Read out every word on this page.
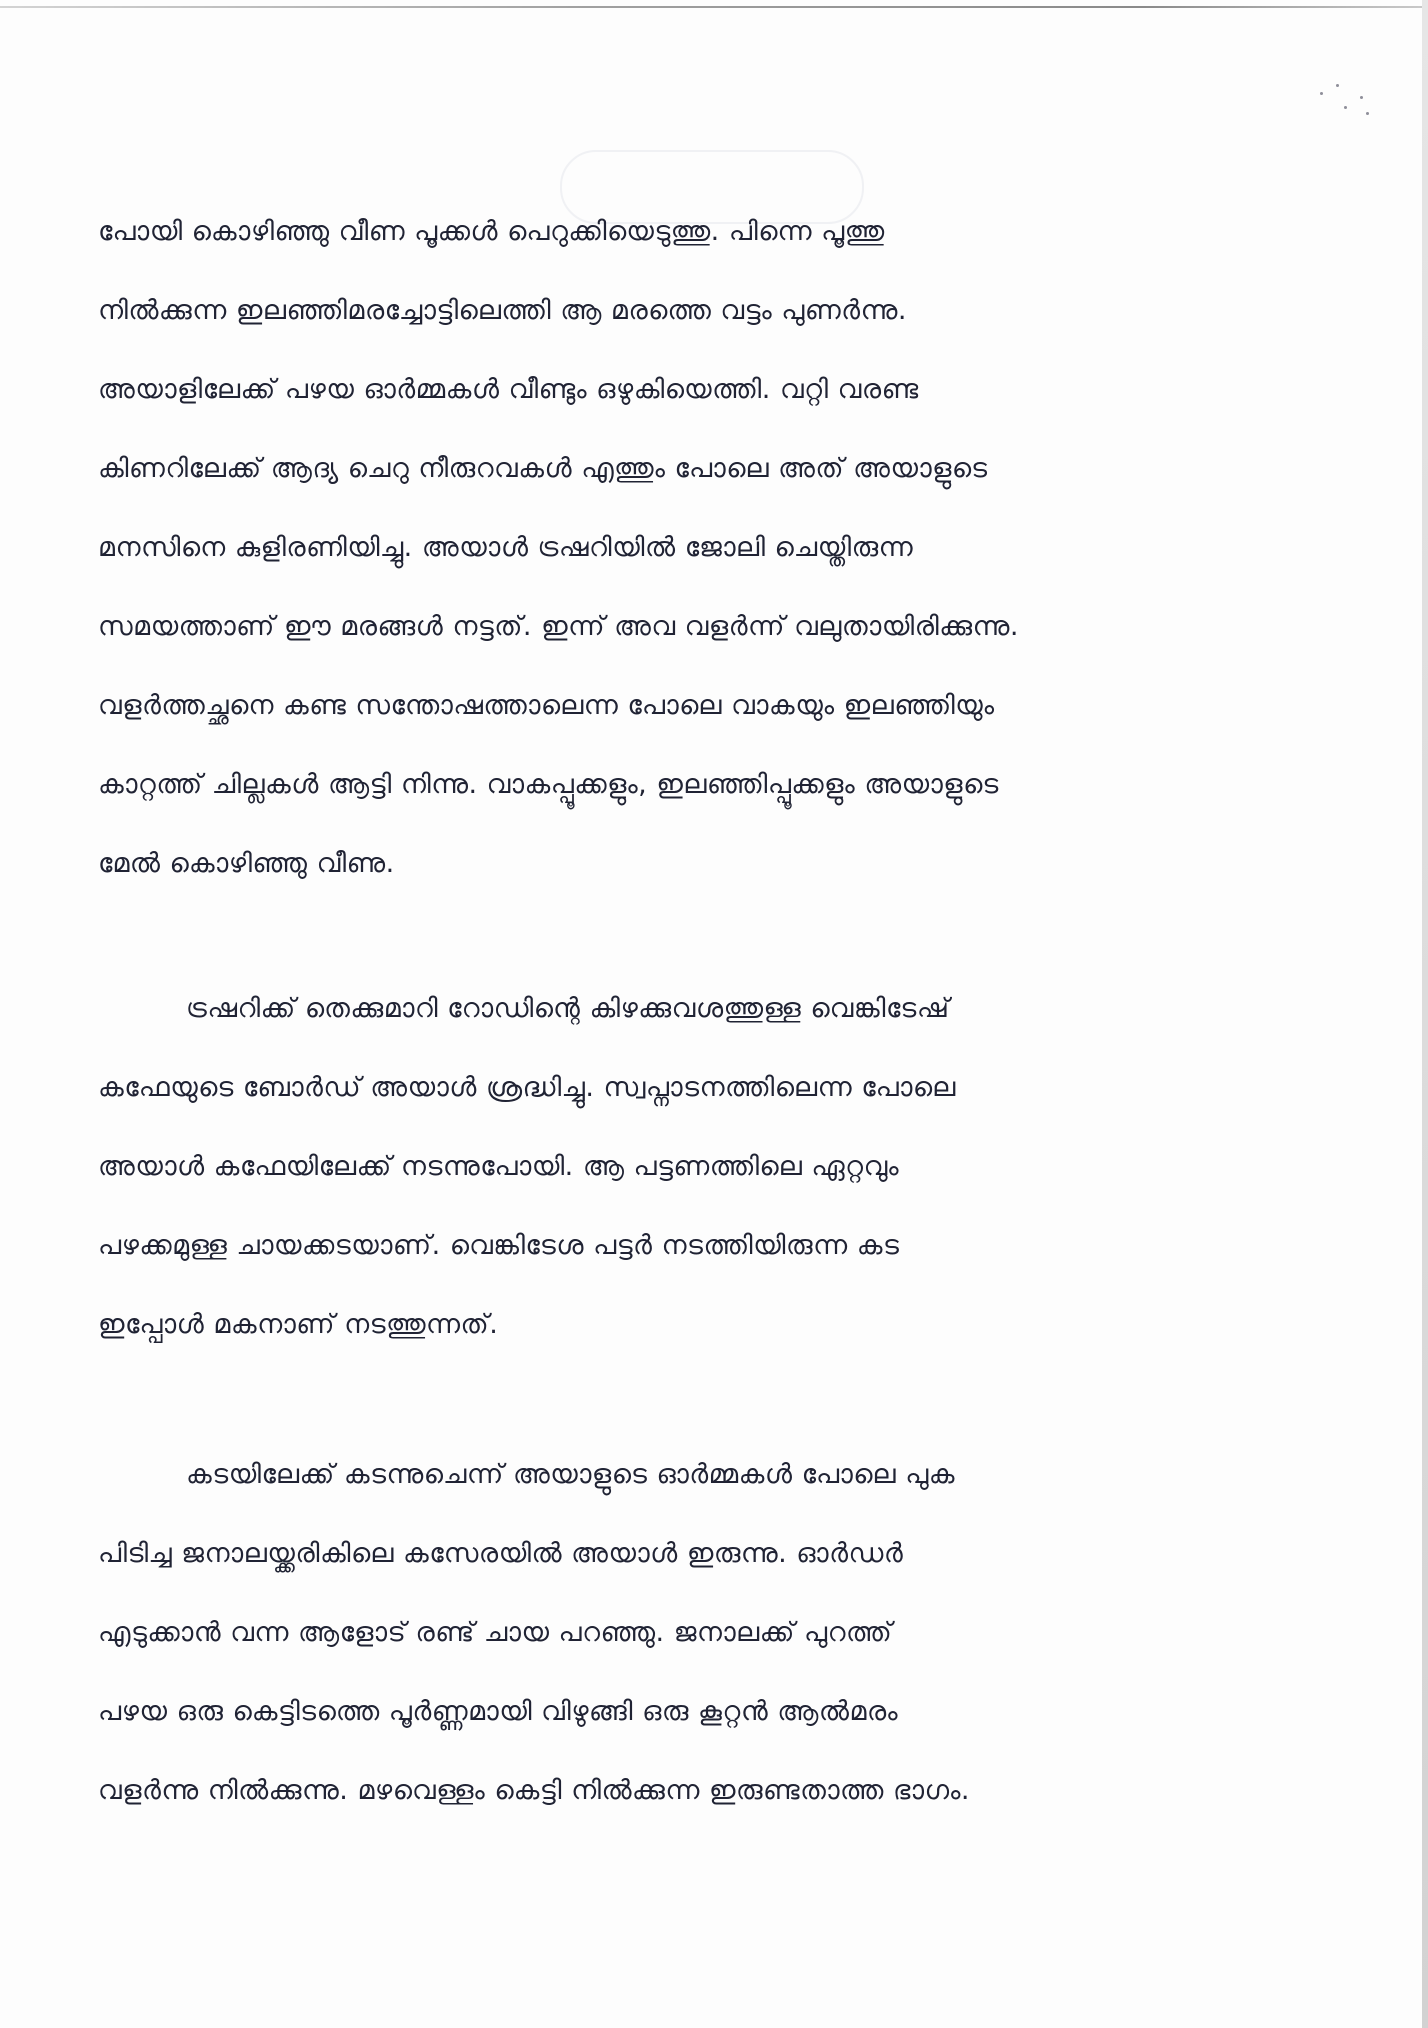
പോയി കൊഴിഞ്ഞു വീണ പൂക്കൾ പെറുക്കിയെടുത്തു. പിന്നെ പൂത്തു
നിൽക്കുന്ന ഇലഞ്ഞിമരച്ചോട്ടിലെത്തി ആ മരത്തെ വട്ടം പുണർന്നു.
അയാളിലേക്ക് പഴയ ഓർമ്മകൾ വീണ്ടും ഒഴുകിയെത്തി. വറ്റി വരണ്ട
കിണറിലേക്ക് ആദ്യ ചെറു നീരുറവകൾ എത്തും പോലെ അത് അയാളുടെ
മനസിനെ കുളിരണിയിച്ചു. അയാൾ ട്രഷറിയിൽ ജോലി ചെയ്തിരുന്ന
സമയത്താണ് ഈ മരങ്ങൾ നട്ടത്. ഇന്ന് അവ വളർന്ന് വലുതായിരിക്കുന്നു.
വളർത്തച്ഛനെ കണ്ട സന്തോഷത്താലെന്ന പോലെ വാകയും ഇലഞ്ഞിയും
കാറ്റത്ത് ചില്ലകൾ ആട്ടി നിന്നു. വാകപ്പൂക്കളും, ഇലഞ്ഞിപ്പൂക്കളും അയാളുടെ
മേൽ കൊഴിഞ്ഞു വീണു.
ട്രഷറിക്ക് തെക്കുമാറി റോഡിന്റെ കിഴക്കുവശത്തുള്ള വെങ്കിടേഷ്
കഫേയുടെ ബോർഡ് അയാൾ ശ്രദ്ധിച്ചു. സ്വപ്നാടനത്തിലെന്ന പോലെ
അയാൾ കഫേയിലേക്ക് നടന്നുപോയി. ആ പട്ടണത്തിലെ ഏറ്റവും
പഴക്കമുള്ള ചായക്കടയാണ്. വെങ്കിടേശ പട്ടർ നടത്തിയിരുന്ന കട
ഇപ്പോൾ മകനാണ് നടത്തുന്നത്.
കടയിലേക്ക് കടന്നുചെന്ന് അയാളുടെ ഓർമ്മകൾ പോലെ പുക
പിടിച്ച ജനാലയ്ക്കരികിലെ കസേരയിൽ അയാൾ ഇരുന്നു. ഓർഡർ
എടുക്കാൻ വന്ന ആളോട് രണ്ട് ചായ പറഞ്ഞു. ജനാലക്ക് പുറത്ത്
പഴയ ഒരു കെട്ടിടത്തെ പൂർണ്ണമായി വിഴുങ്ങി ഒരു കൂറ്റൻ ആൽമരം
വളർന്നു നിൽക്കുന്നു. മഴവെള്ളം കെട്ടി നിൽക്കുന്ന ഇരുണ്ടതാത്ത ഭാഗം.
